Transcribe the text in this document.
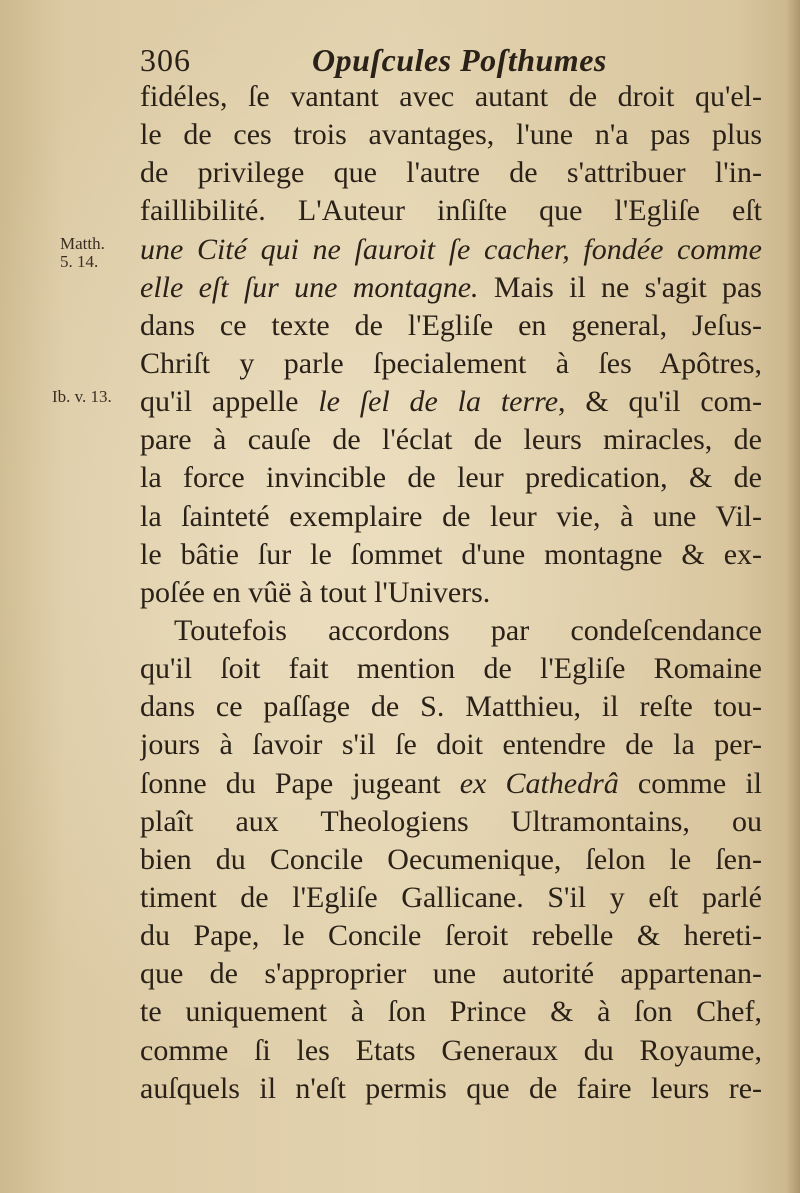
306	Opuſcules Poſthumes
Matth.
5. 14.
Ib. v. 13.
fidéles, ſe vantant avec autant de droit qu'el-
le de ces trois avantages, l'une n'a pas plus
de privilege que l'autre de s'attribuer l'in-
faillibilité. L'Auteur inſiſte que l'Egliſe eſt
une Cité qui ne ſauroit ſe cacher, fondée comme
elle eſt ſur une montagne. Mais il ne s'agit pas
dans ce texte de l'Egliſe en general, Jeſus-
Chriſt y parle ſpecialement à ſes Apôtres,
qu'il appelle le ſel de la terre, & qu'il com-
pare à cauſe de l'éclat de leurs miracles, de
la force invincible de leur predication, & de
la ſainteté exemplaire de leur vie, à une Vil-
le bâtie ſur le ſommet d'une montagne & ex-
poſée en vûë à tout l'Univers.
Toutefois accordons par condeſcendance
qu'il ſoit fait mention de l'Egliſe Romaine
dans ce paſſage de S. Matthieu, il reſte tou-
jours à ſavoir s'il ſe doit entendre de la per-
ſonne du Pape jugeant ex Cathedrâ comme il
plaît aux Theologiens Ultramontains, ou
bien du Concile Oecumenique, ſelon le ſen-
timent de l'Egliſe Gallicane. S'il y eſt parlé
du Pape, le Concile ſeroit rebelle & hereti-
que de s'approprier une autorité appartenan-
te uniquement à ſon Prince & à ſon Chef,
comme ſi les Etats Generaux du Royaume,
auſquels il n'eſt permis que de faire leurs re-
